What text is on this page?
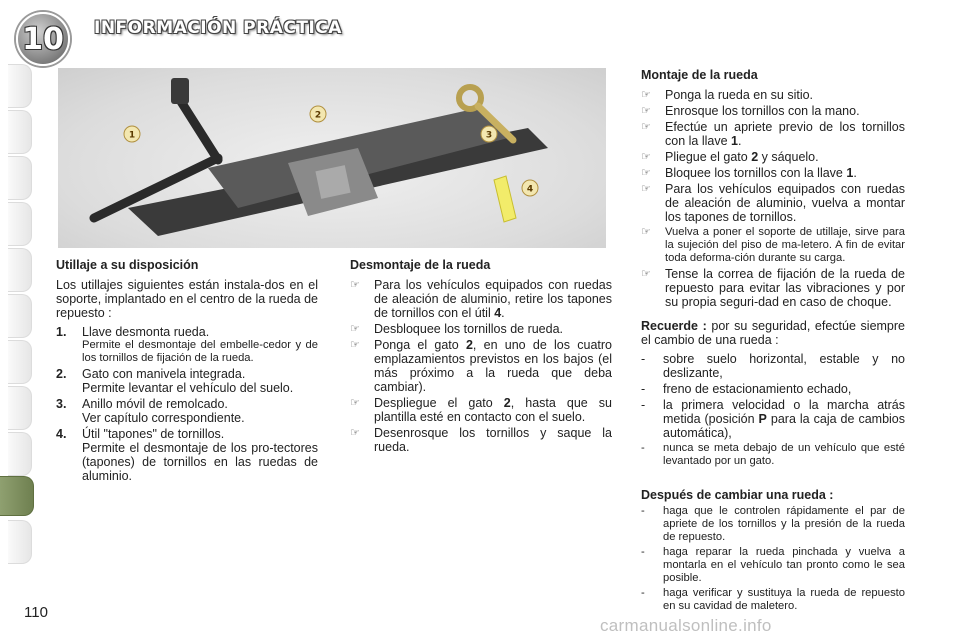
10 INFORMACIÓN PRÁCTICA
1
2
3
4
Utillaje a su disposición

Los utillajes siguientes están instala-dos en el soporte, implantado en el centro de la rueda de repuesto :

1.	Llave desmonta rueda.
Permite el desmontaje del embelle-cedor y de los tornillos de fijación de la rueda.
2.	Gato con manivela integrada.
Permite levantar el vehículo del suelo.
3.	Anillo móvil de remolcado.
Ver capítulo correspondiente.
4.	Útil "tapones" de tornillos.
Permite el desmontaje de los pro-tectores (tapones) de tornillos en las ruedas de aluminio.
Desmontaje de la rueda
☞	Para los vehículos equipados con ruedas de aleación de aluminio, retire los tapones de tornillos con el útil 4.
☞	Desbloquee los tornillos de rueda.
☞	Ponga el gato 2, en uno de los cuatro emplazamientos previstos en los bajos (el más próximo a la rueda que deba cambiar).
☞	Despliegue el gato 2, hasta que su plantilla esté en contacto con el suelo.
☞	Desenrosque los tornillos y saque la rueda.
Montaje de la rueda
☞	Ponga la rueda en su sitio.
☞	Enrosque los tornillos con la mano.
☞	Efectúe un apriete previo de los tornillos con la llave 1.
☞	Pliegue el gato 2 y sáquelo.
☞	Bloquee los tornillos con la llave 1.
☞	Para los vehículos equipados con ruedas de aleación de aluminio, vuelva a montar los tapones de tornillos.
☞	Vuelva a poner el soporte de utillaje, sirve para la sujeción del piso de ma-letero. A fin de evitar toda deforma-ción durante su carga.
☞	Tense la correa de fijación de la rueda de repuesto para evitar las vibraciones y por su propia seguri-dad en caso de choque.

Recuerde : por su seguridad, efectúe siempre el cambio de una rueda :

-	sobre suelo horizontal, estable y no deslizante,
-	freno de estacionamiento echado,
-	la primera velocidad o la marcha atrás metida (posición P para la caja de cambios automática),
-	nunca se meta debajo de un vehículo que esté levantado por un gato.
Después de cambiar una rueda :
-	haga que le controlen rápidamente el par de apriete de los tornillos y la presión de la rueda de repuesto.
-	haga reparar la rueda pinchada y vuelva a montarla en el vehículo tan pronto como le sea posible.
-	haga verificar y sustituya la rueda de repuesto en su cavidad de maletero.
110
carmanualsonline.info
